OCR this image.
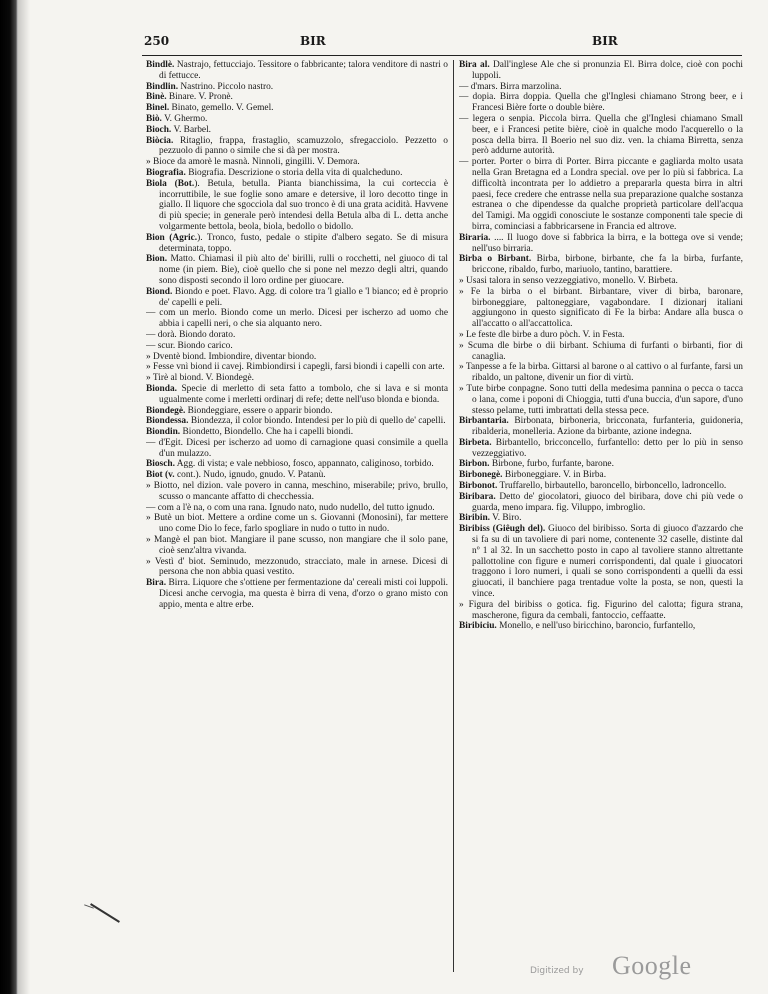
250	BIR	BIR

Bindlè. Nastrajo, fettucciajo. Tessitore o fabbricante; talora venditore di nastri o di fettucce.

Bindlin. Nastrino. Piccolo nastro.

Binè. Binare. V. Pronè.

Binel. Binato, gemello. V. Gemel.

Biò. V. Ghermo.

Bioch. V. Barbel.

Biòcia. Ritaglio, frappa, frastaglio, scamuzzolo, sfregacciolo. Pezzetto o pezzuolo di panno o simile che si dà per mostra.

» Bioce da amorè le masnà. Ninnoli, gingilli. V. Demora.

Biografia. Biografia. Descrizione o storia della vita di qualcheduno.

Biola (Bot.). Betula, betulla. Pianta bianchissima, la cui corteccia è incorruttibile, le sue foglie sono amare e detersive, il loro decotto tinge in giallo. Il liquore che sgocciola dal suo tronco è di una grata acidità. Havvene di più specie; in generale però intendesi della Betula alba di L. detta anche volgarmente bettola, beola, biola, bedollo o bidollo.

Bion (Agric.). Tronco, fusto, pedale o stipite d'albero segato. Se di misura determinata, toppo.

Bion. Matto. Chiamasi il più alto de' birilli, rulli o rocchetti, nel giuoco di tal nome (in piem. Bie), cioè quello che si pone nel mezzo degli altri, quando sono disposti secondo il loro ordine per giuocare.

Biond. Biondo e poet. Flavo. Agg. di colore tra 'l giallo e 'l bianco; ed è proprio de' capelli e peli.

— com un merlo. Biondo come un merlo. Dicesi per ischerzo ad uomo che abbia i capelli neri, o che sia alquanto nero.

— dorà. Biondo dorato.

— scur. Biondo carico.

» Dventè biond. Imbiondire, diventar biondo.

» Fesse vnì biond ii cavej. Rimbiondirsi i capegli, farsi biondi i capelli con arte.

» Tirè al biond. V. Biondegè.

Bionda. Specie di merletto di seta fatto a tombolo, che si lava e si monta ugualmente come i merletti ordinarj di refe; dette nell'uso blonda e bionda.

Biondegè. Biondeggiare, essere o apparir biondo.

Biondessa. Biondezza, il color biondo. Intendesi per lo più di quello de' capelli.

Biondin. Biondetto, Biondello. Che ha i capelli biondi.

— d'Egit. Dicesi per ischerzo ad uomo di carnagione quasi consimile a quella d'un mulazzo.

Biosch. Agg. di vista; e vale nebbioso, fosco, appannato, caliginoso, torbido.

Biot (v. cont.). Nudo, ignudo, gnudo. V. Patanù.

» Biotto, nel dizion. vale povero in canna, meschino, miserabile; privo, brullo, scusso o mancante affatto di checchessia.

— com a l'è na, o com una rana. Ignudo nato, nudo nudello, del tutto ignudo.

» Butè un biot. Mettere a ordine come un s. Giovanni (Monosini), far mettere uno come Dio lo fece, farlo spogliare in nudo o tutto in nudo.

» Mangè el pan biot. Mangiare il pane scusso, non mangiare che il solo pane, cioè senz'altra vivanda.

» Vestì d' biot. Seminudo, mezzonudo, stracciato, male in arnese. Dicesi di persona che non abbia quasi vestito.

Bira. Birra. Liquore che s'ottiene per fermentazione da' cereali misti coi luppoli. Dicesi anche cervogia, ma questa è birra di vena, d'orzo o grano misto con appio, menta e altre erbe.

Bira al. Dall'inglese Ale che si pronunzia El. Birra dolce, cioè con pochi luppoli.

— d'mars. Birra marzolina.

— dopia. Birra doppia. Quella che gl'Inglesi chiamano Strong beer, e i Francesi Bière forte o double bière.

— legera o senpia. Piccola birra. Quella che gl'Inglesi chiamano Small beer, e i Francesi petite bière, cioè in qualche modo l'acquerello o la posca della birra. Il Boerio nel suo diz. ven. la chiama Birretta, senza però addurne autorità.

— porter. Porter o birra di Porter. Birra piccante e gagliarda molto usata nella Gran Bretagna ed a Londra special. ove per lo più si fabbrica. La difficoltà incontrata per lo addietro a prepararla questa birra in altri paesi, fece credere che entrasse nella sua preparazione qualche sostanza estranea o che dipendesse da qualche proprietà particolare dell'acqua del Tamigi. Ma oggidì conosciute le sostanze componenti tale specie di birra, cominciasi a fabbricarsene in Francia ed altrove.

Biraria. .... Il luogo dove si fabbrica la birra, e la bottega ove si vende; nell'uso birraria.

Birba o Birbant. Birba, birbone, birbante, che fa la birba, furfante, briccone, ribaldo, furbo, mariuolo, tantino, barattiere.

» Usasi talora in senso vezzeggiativo, monello. V. Birbeta.

» Fe la birba o el birbant. Birbantare, viver di birba, baronare, birboneggiare, paltoneggiare, vagabondare. I dizionarj italiani aggiungono in questo significato di Fe la birba: Andare alla busca o all'accatto o all'accattolica.

» Le feste dle birbe a duro pòch. V. in Festa.

» Scuma dle birbe o dii birbant. Schiuma di furfanti o birbanti, fior di canaglia.

» Tanpesse a fe la birba. Gittarsi al barone o al cattivo o al furfante, farsi un ribaldo, un paltone, divenir un fior di virtù.

» Tute birbe conpagne. Sono tutti della medesima pannina o pecca o tacca o lana, come i poponi di Chioggia, tutti d'una buccia, d'un sapore, d'uno stesso pelame, tutti imbrattati della stessa pece.

Birbantaria. Birbonata, birboneria, bricconata, furfanteria, guidoneria, ribalderia, monelleria. Azione da birbante, azione indegna.

Birbeta. Birbantello, bricconcello, furfantello: detto per lo più in senso vezzeggiativo.

Birbon. Birbone, furbo, furfante, barone.

Birbonegè. Birboneggiare. V. in Birba.

Birbonot. Truffarello, birbautello, baroncello, birboncello, ladroncello.

Biribara. Detto de' giocolatori, giuoco del biribara, dove chi più vede o guarda, meno impara. fig. Viluppo, imbroglio.

Biribin. V. Biro.

Biribiss (Giêugh del). Giuoco del biribisso. Sorta di giuoco d'azzardo che si fa su di un tavoliere di pari nome, contenente 32 caselle, distinte dal nº 1 al 32. In un sacchetto posto in capo al tavoliere stanno altrettante pallottoline con figure e numeri corrispondenti, dal quale i giuocatori traggono i loro numeri, i quali se sono corrispondenti a quelli da essi giuocati, il banchiere paga trentadue volte la posta, se non, questi la vince.

» Figura del biribiss o gotica. fig. Figurino del calotta; figura strana, mascherone, figura da cembali, fantoccio, ceffaatte.

Biribiciu. Monello, e nell'uso biricchino, baroncio, furfantello,

Digitized by Google
